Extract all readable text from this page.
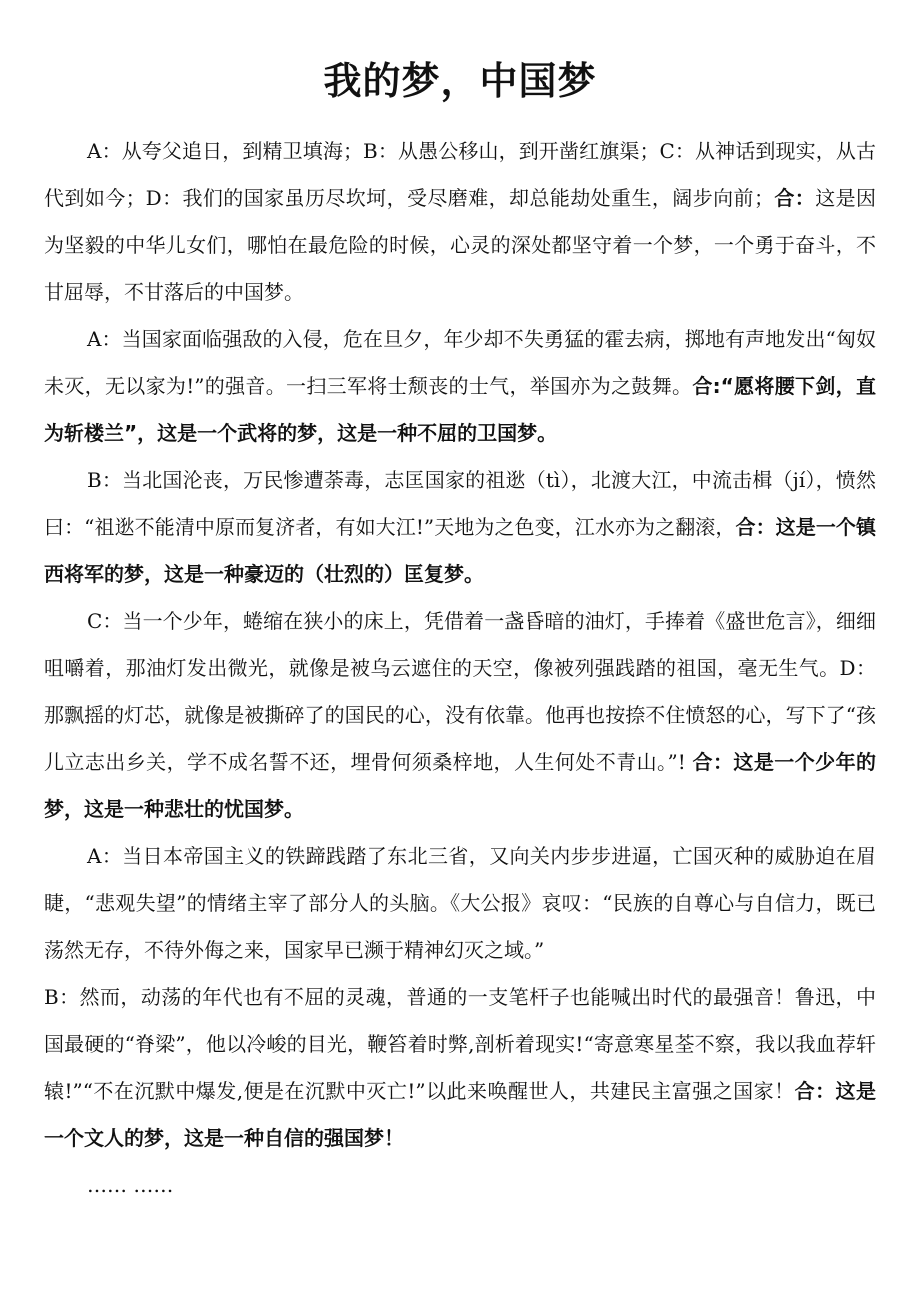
我的梦，中国梦

A：从夸父追日，到精卫填海；B：从愚公移山，到开凿红旗渠；C：从神话到现实，从古代到如今；D：我们的国家虽历尽坎坷，受尽磨难，却总能劫处重生，阔步向前；合：这是因为坚毅的中华儿女们，哪怕在最危险的时候，心灵的深处都坚守着一个梦，一个勇于奋斗，不甘屈辱，不甘落后的中国梦。

A：当国家面临强敌的入侵，危在旦夕，年少却不失勇猛的霍去病，掷地有声地发出“匈奴未灭，无以家为!”的强音。一扫三军将士颓丧的士气，举国亦为之鼓舞。合:“愿将腰下剑，直为斩楼兰”，这是一个武将的梦，这是一种不屈的卫国梦。

B：当北国沦丧，万民惨遭荼毒，志匡国家的祖逖（tì），北渡大江，中流击楫（jí），愤然曰：“祖逖不能清中原而复济者，有如大江!”天地为之色变，江水亦为之翻滚，合：这是一个镇西将军的梦，这是一种豪迈的（壮烈的）匡复梦。

C：当一个少年，蜷缩在狭小的床上，凭借着一盏昏暗的油灯，手捧着《盛世危言》，细细咀嚼着，那油灯发出微光，就像是被乌云遮住的天空，像被列强践踏的祖国，毫无生气。D：那飘摇的灯芯，就像是被撕碎了的国民的心，没有依靠。他再也按捺不住愤怒的心，写下了“孩儿立志出乡关，学不成名誓不还，埋骨何须桑梓地，人生何处不青山。”! 合：这是一个少年的梦，这是一种悲壮的忧国梦。

A：当日本帝国主义的铁蹄践踏了东北三省，又向关内步步进逼，亡国灭种的威胁迫在眉睫，“悲观失望”的情绪主宰了部分人的头脑。《大公报》哀叹：“民族的自尊心与自信力，既已荡然无存，不待外侮之来，国家早已濒于精神幻灭之域。”

B：然而，动荡的年代也有不屈的灵魂，普通的一支笔杆子也能喊出时代的最强音！鲁迅，中国最硬的“脊梁”，他以冷峻的目光，鞭笞着时弊,剖析着现实!“寄意寒星荃不察，我以我血荐轩辕!”“不在沉默中爆发,便是在沉默中灭亡!”以此来唤醒世人，共建民主富强之国家！合：这是一个文人的梦，这是一种自信的强国梦！

…… ……
